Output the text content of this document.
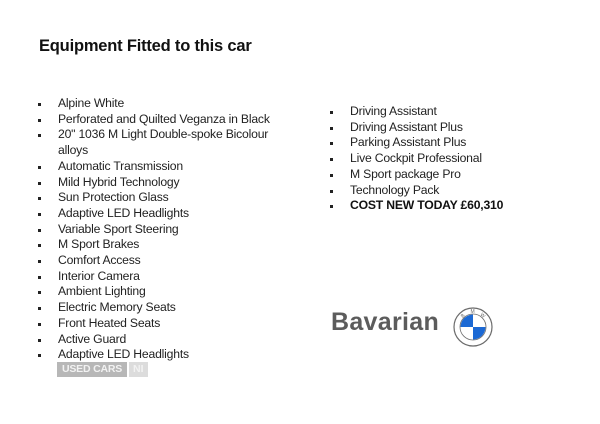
Equipment Fitted to this car
Alpine White
Perforated and Quilted Veganza in Black
20" 1036 M Light Double-spoke Bicolour alloys
Automatic Transmission
Mild Hybrid Technology
Sun Protection Glass
Adaptive LED Headlights
Variable Sport Steering
M Sport Brakes
Comfort Access
Interior Camera
Ambient Lighting
Electric Memory Seats
Front Heated Seats
Active Guard
Adaptive LED Headlights
Driving Assistant
Driving Assistant Plus
Parking Assistant Plus
Live Cockpit Professional
M Sport package Pro
Technology Pack
COST NEW TODAY £60,310
USED CARS	NI
Bavarian	B
M
W
